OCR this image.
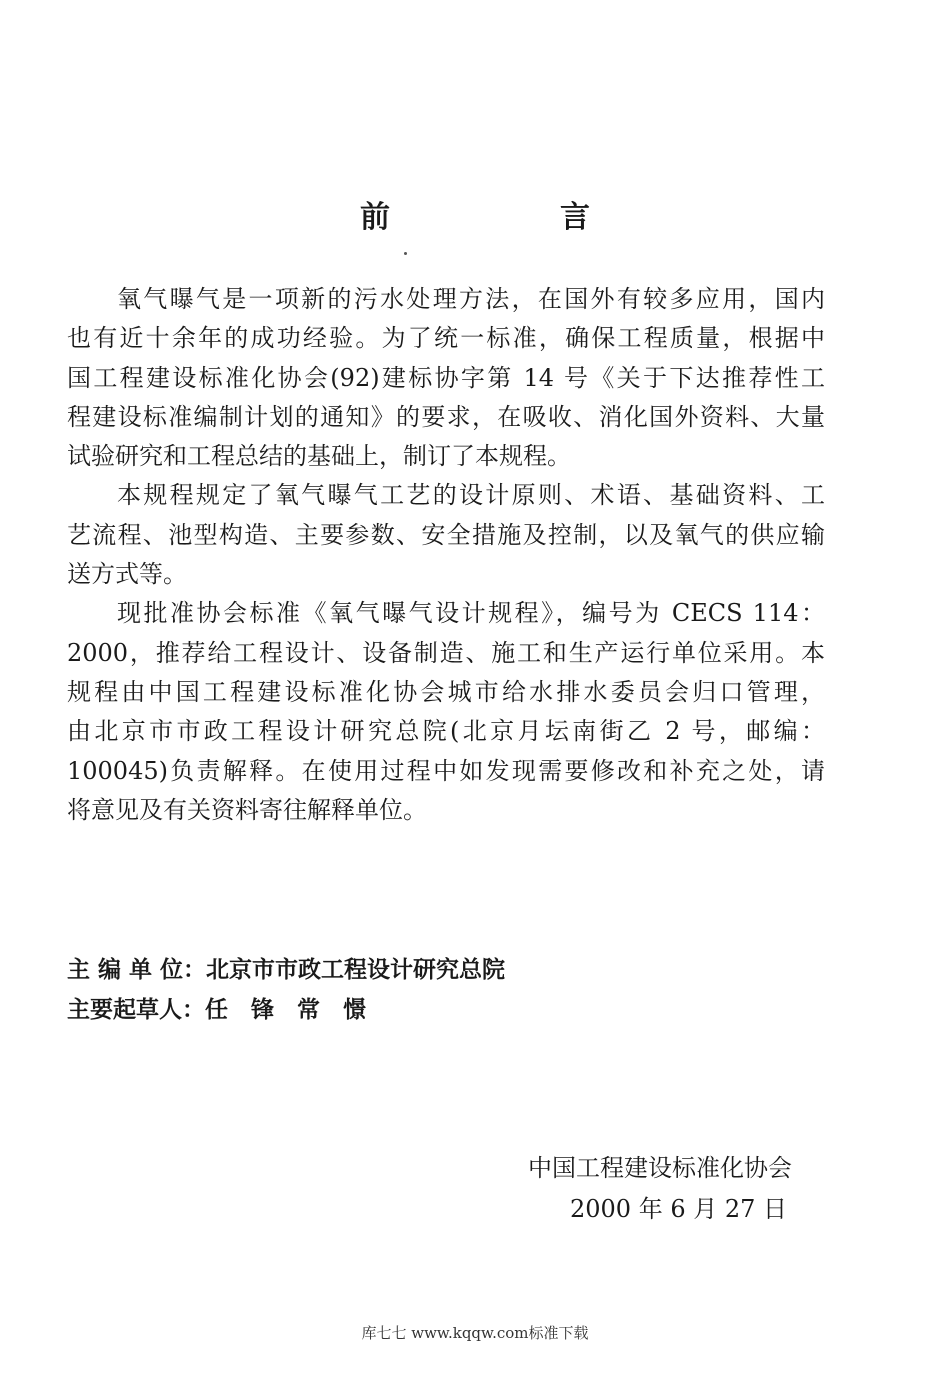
前　言
氧气曝气是一项新的污水处理方法，在国外有较多应用，国内
也有近十余年的成功经验。为了统一标准，确保工程质量，根据中
国工程建设标准化协会(92)建标协字第 14 号《关于下达推荐性工
程建设标准编制计划的通知》的要求，在吸收、消化国外资料、大量
试验研究和工程总结的基础上，制订了本规程。
本规程规定了氧气曝气工艺的设计原则、术语、基础资料、工
艺流程、池型构造、主要参数、安全措施及控制，以及氧气的供应输
送方式等。
现批准协会标准《氧气曝气设计规程》，编号为 CECS 114：
2000，推荐给工程设计、设备制造、施工和生产运行单位采用。本
规程由中国工程建设标准化协会城市给水排水委员会归口管理，
由北京市市政工程设计研究总院(北京月坛南街乙 2 号，邮编：
100045)负责解释。在使用过程中如发现需要修改和补充之处，请
将意见及有关资料寄往解释单位。
主 编 单 位：北京市市政工程设计研究总院
主要起草人：任　锋　常　憬
中国工程建设标准化协会
2000 年 6 月 27 日
库七七 www.kqqw.com标准下载
